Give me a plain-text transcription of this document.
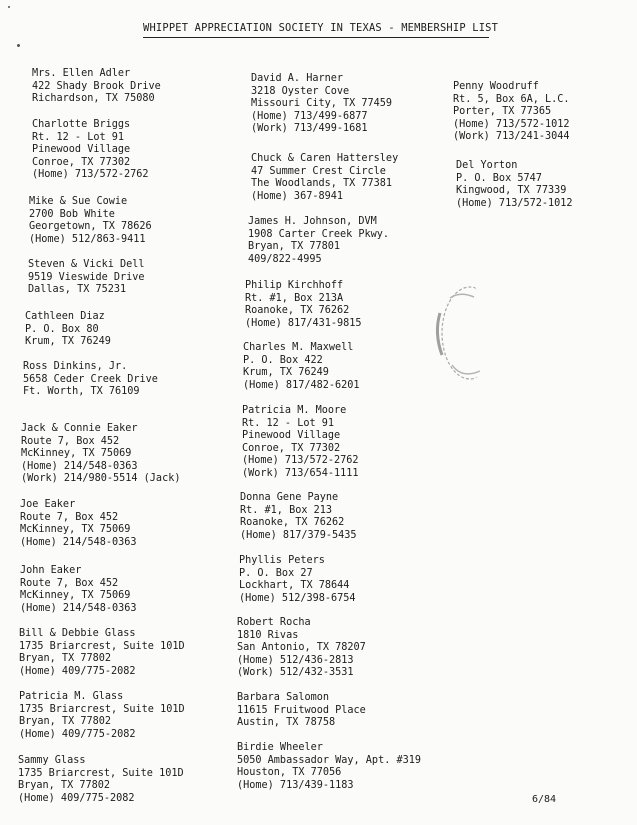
WHIPPET APPRECIATION SOCIETY IN TEXAS - MEMBERSHIP LIST
6/84
Mrs. Ellen Adler
422 Shady Brook Drive
Richardson, TX 75080
Charlotte Briggs
Rt. 12 - Lot 91
Pinewood Village
Conroe, TX 77302
(Home) 713/572-2762
Mike & Sue Cowie
2700 Bob White
Georgetown, TX 78626
(Home) 512/863-9411
Steven & Vicki Dell
9519 Vieswide Drive
Dallas, TX 75231
Cathleen Diaz
P. O. Box 80
Krum, TX 76249
Ross Dinkins, Jr.
5658 Ceder Creek Drive
Ft. Worth, TX 76109
Jack & Connie Eaker
Route 7, Box 452
McKinney, TX 75069
(Home) 214/548-0363
(Work) 214/980-5514 (Jack)
Joe Eaker
Route 7, Box 452
McKinney, TX 75069
(Home) 214/548-0363
John Eaker
Route 7, Box 452
McKinney, TX 75069
(Home) 214/548-0363
Bill & Debbie Glass
1735 Briarcrest, Suite 101D
Bryan, TX 77802
(Home) 409/775-2082
Patricia M. Glass
1735 Briarcrest, Suite 101D
Bryan, TX 77802
(Home) 409/775-2082
Sammy Glass
1735 Briarcrest, Suite 101D
Bryan, TX 77802
(Home) 409/775-2082
David A. Harner
3218 Oyster Cove
Missouri City, TX 77459
(Home) 713/499-6877
(Work) 713/499-1681
Chuck & Caren Hattersley
47 Summer Crest Circle
The Woodlands, TX 77381
(Home) 367-8941
James H. Johnson, DVM
1908 Carter Creek Pkwy.
Bryan, TX 77801
409/822-4995
Philip Kirchhoff
Rt. #1, Box 213A
Roanoke, TX 76262
(Home) 817/431-9815
Charles M. Maxwell
P. O. Box 422
Krum, TX 76249
(Home) 817/482-6201
Patricia M. Moore
Rt. 12 - Lot 91
Pinewood Village
Conroe, TX 77302
(Home) 713/572-2762
(Work) 713/654-1111
Donna Gene Payne
Rt. #1, Box 213
Roanoke, TX 76262
(Home) 817/379-5435
Phyllis Peters
P. O. Box 27
Lockhart, TX 78644
(Home) 512/398-6754
Robert Rocha
1810 Rivas
San Antonio, TX 78207
(Home) 512/436-2813
(Work) 512/432-3531
Barbara Salomon
11615 Fruitwood Place
Austin, TX 78758
Birdie Wheeler
5050 Ambassador Way, Apt. #319
Houston, TX 77056
(Home) 713/439-1183
Penny Woodruff
Rt. 5, Box 6A, L.C.
Porter, TX 77365
(Home) 713/572-1012
(Work) 713/241-3044
Del Yorton
P. O. Box 5747
Kingwood, TX 77339
(Home) 713/572-1012
